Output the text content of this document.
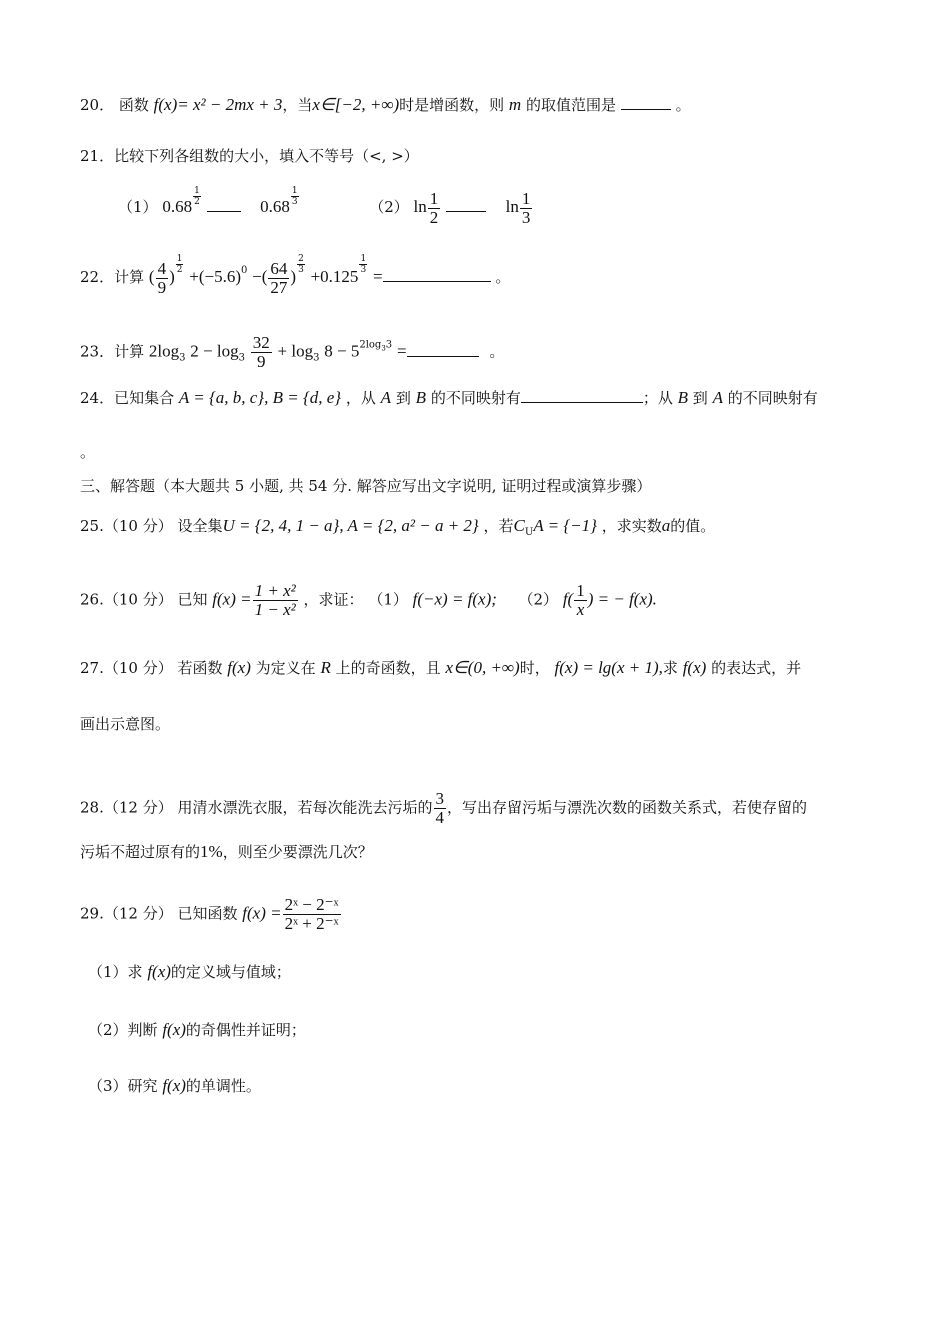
20． 函数 f(x)= x² − 2mx + 3，当x∈[−2, +∞)时是增函数，则 m 的取值范围是	。
21．比较下列各组数的大小，填入不等号（<, >）
（1） $0.68 \frac{1}{2}$	$0.68 \frac{1}{3}$	（2） $\ln \frac{1}{2}$	$\ln \frac{1}{3}$
22．计算 ( $\frac{4}{9}$ )
$\frac{1}{2}$
$+(-5.6)^0$ −( $\frac{64}{27}$ )
$\frac{2}{3}$
+0.125
$\frac{1}{3}$
=	。
23．计算 $2\log_3$ $2 - \log_3 \frac{32}{9} + \log_3 8 - 5^{2log33}$ =	。
24．已知集合 A = {a, b, c}, B = {d, e} ，从 A 到 B 的不同映射有	；从 B 到 A 的不同映射有
。
三、解答题（本大题共 5 小题, 共 54 分. 解答应写出文字说明, 证明过程或演算步骤）
25.（10 分） 设全集U = {2, 4, 1 − a}, A = {2, a² − a + 2} ，若$C_UA = \{-1\}$ ，求实数a的值。
26.（10 分） 已知 $f(x) = \frac{\text{1 + x²}}{\text{1 − x²}}$ ，求证： （1） f(−x) = f(x); （2） $f( \frac{1}{x}$ ) = − f(x).
27.（10 分） 若函数 f(x) 为定义在 R 上的奇函数，且 x∈(0, +∞)时， f(x) = lg(x + 1),求 f(x) 的表达式，并
画出示意图。
28.（12 分） 用清水漂洗衣服，若每次能洗去污垢的 $\frac{3}{4}$ ，写出存留污垢与漂洗次数的函数关系式，若使存留的
污垢不超过原有的1%，则至少要漂洗几次？
29.（12 分） 已知函数 $f(x) = \frac{\text{2ˣ − 2⁻ˣ}}{\text{2ˣ + 2⁻ˣ}}$
（1）求 f(x)的定义域与值域；
（2）判断 f(x)的奇偶性并证明；
（3）研究 f(x)的单调性。
